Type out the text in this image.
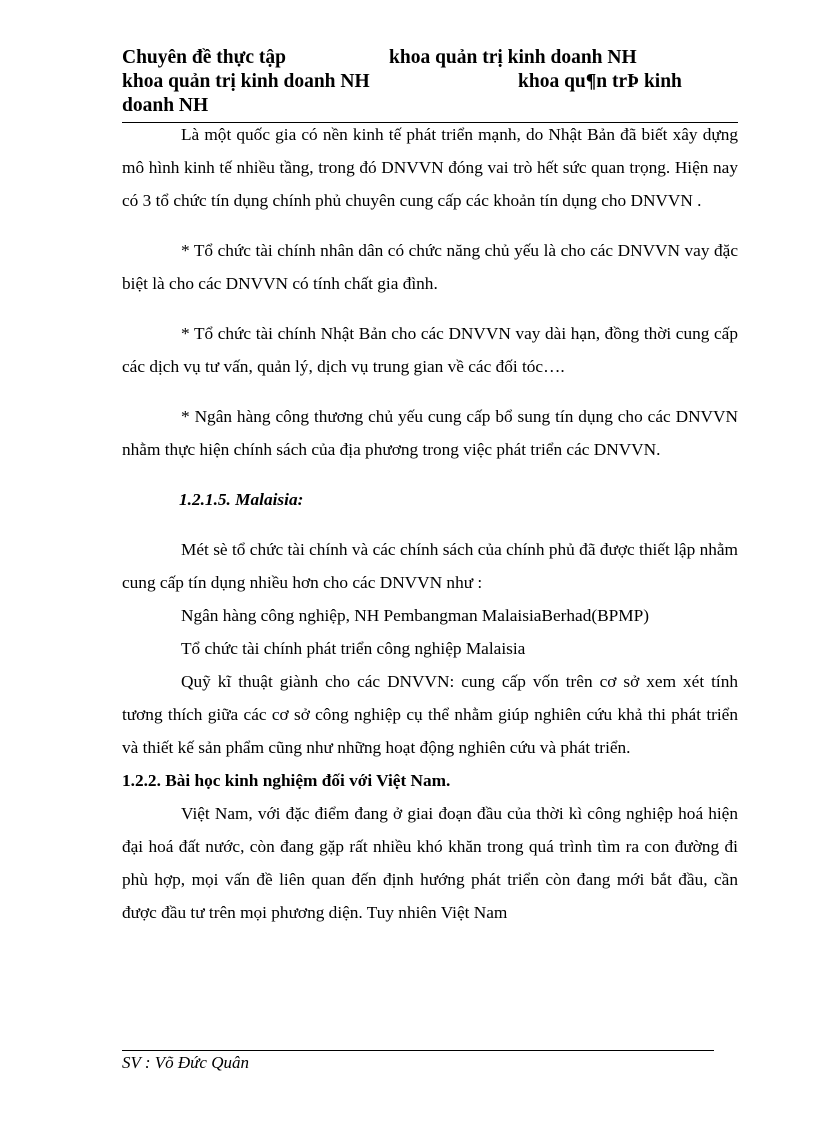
Chuyên đề thực tập	khoa quản trị kinh doanh NH
khoa quản trị kinh doanh NH	khoa qu¶n trÞ kinh
doanh NH

Là một quốc gia có nền kinh tế phát triển mạnh, do Nhật Bản đã biết xây dựng mô hình kinh tế nhiều tầng, trong đó DNVVN đóng vai trò hết sức quan trọng. Hiện nay có 3 tổ chức tín dụng chính phủ chuyên cung cấp các khoản tín dụng cho DNVVN .

* Tổ chức tài chính nhân dân có chức năng chủ yếu là cho các DNVVN vay đặc biệt là cho các DNVVN có tính chất gia đình.

* Tổ chức tài chính Nhật Bản cho các DNVVN vay dài hạn, đồng thời cung cấp các dịch vụ tư vấn, quản lý, dịch vụ trung gian về các đối tóc….

* Ngân hàng công thương chủ yếu cung cấp bổ sung tín dụng cho các DNVVN nhằm thực hiện chính sách của địa phương trong việc phát triển các DNVVN.

1.2.1.5. Malaisia:

Mét sè tổ chức tài chính và các chính sách của chính phủ đã được thiết lập nhằm cung cấp tín dụng nhiều hơn cho các DNVVN như :

Ngân hàng công nghiệp, NH Pembangman MalaisiaBerhad(BPMP)

Tổ chức tài chính phát triển công nghiệp Malaisia

Quỹ kĩ thuật giành cho các DNVVN: cung cấp vốn trên cơ sở xem xét tính tương thích giữa các cơ sở công nghiệp cụ thể nhằm giúp nghiên cứu khả thi phát triển và thiết kế sản phẩm cũng như những hoạt động nghiên cứu và phát triển.

1.2.2. Bài học kinh nghiệm đối với Việt Nam.

Việt Nam, với đặc điểm đang ở giai đoạn đầu của thời kì công nghiệp hoá hiện đại hoá đất nước, còn đang gặp rất nhiều khó khăn trong quá trình tìm ra con đường đi phù hợp, mọi vấn đề liên quan đến định hướng phát triển còn đang mới bắt đầu, cần được đầu tư trên mọi phương diện. Tuy nhiên Việt Nam

SV : Võ Đức Quân
